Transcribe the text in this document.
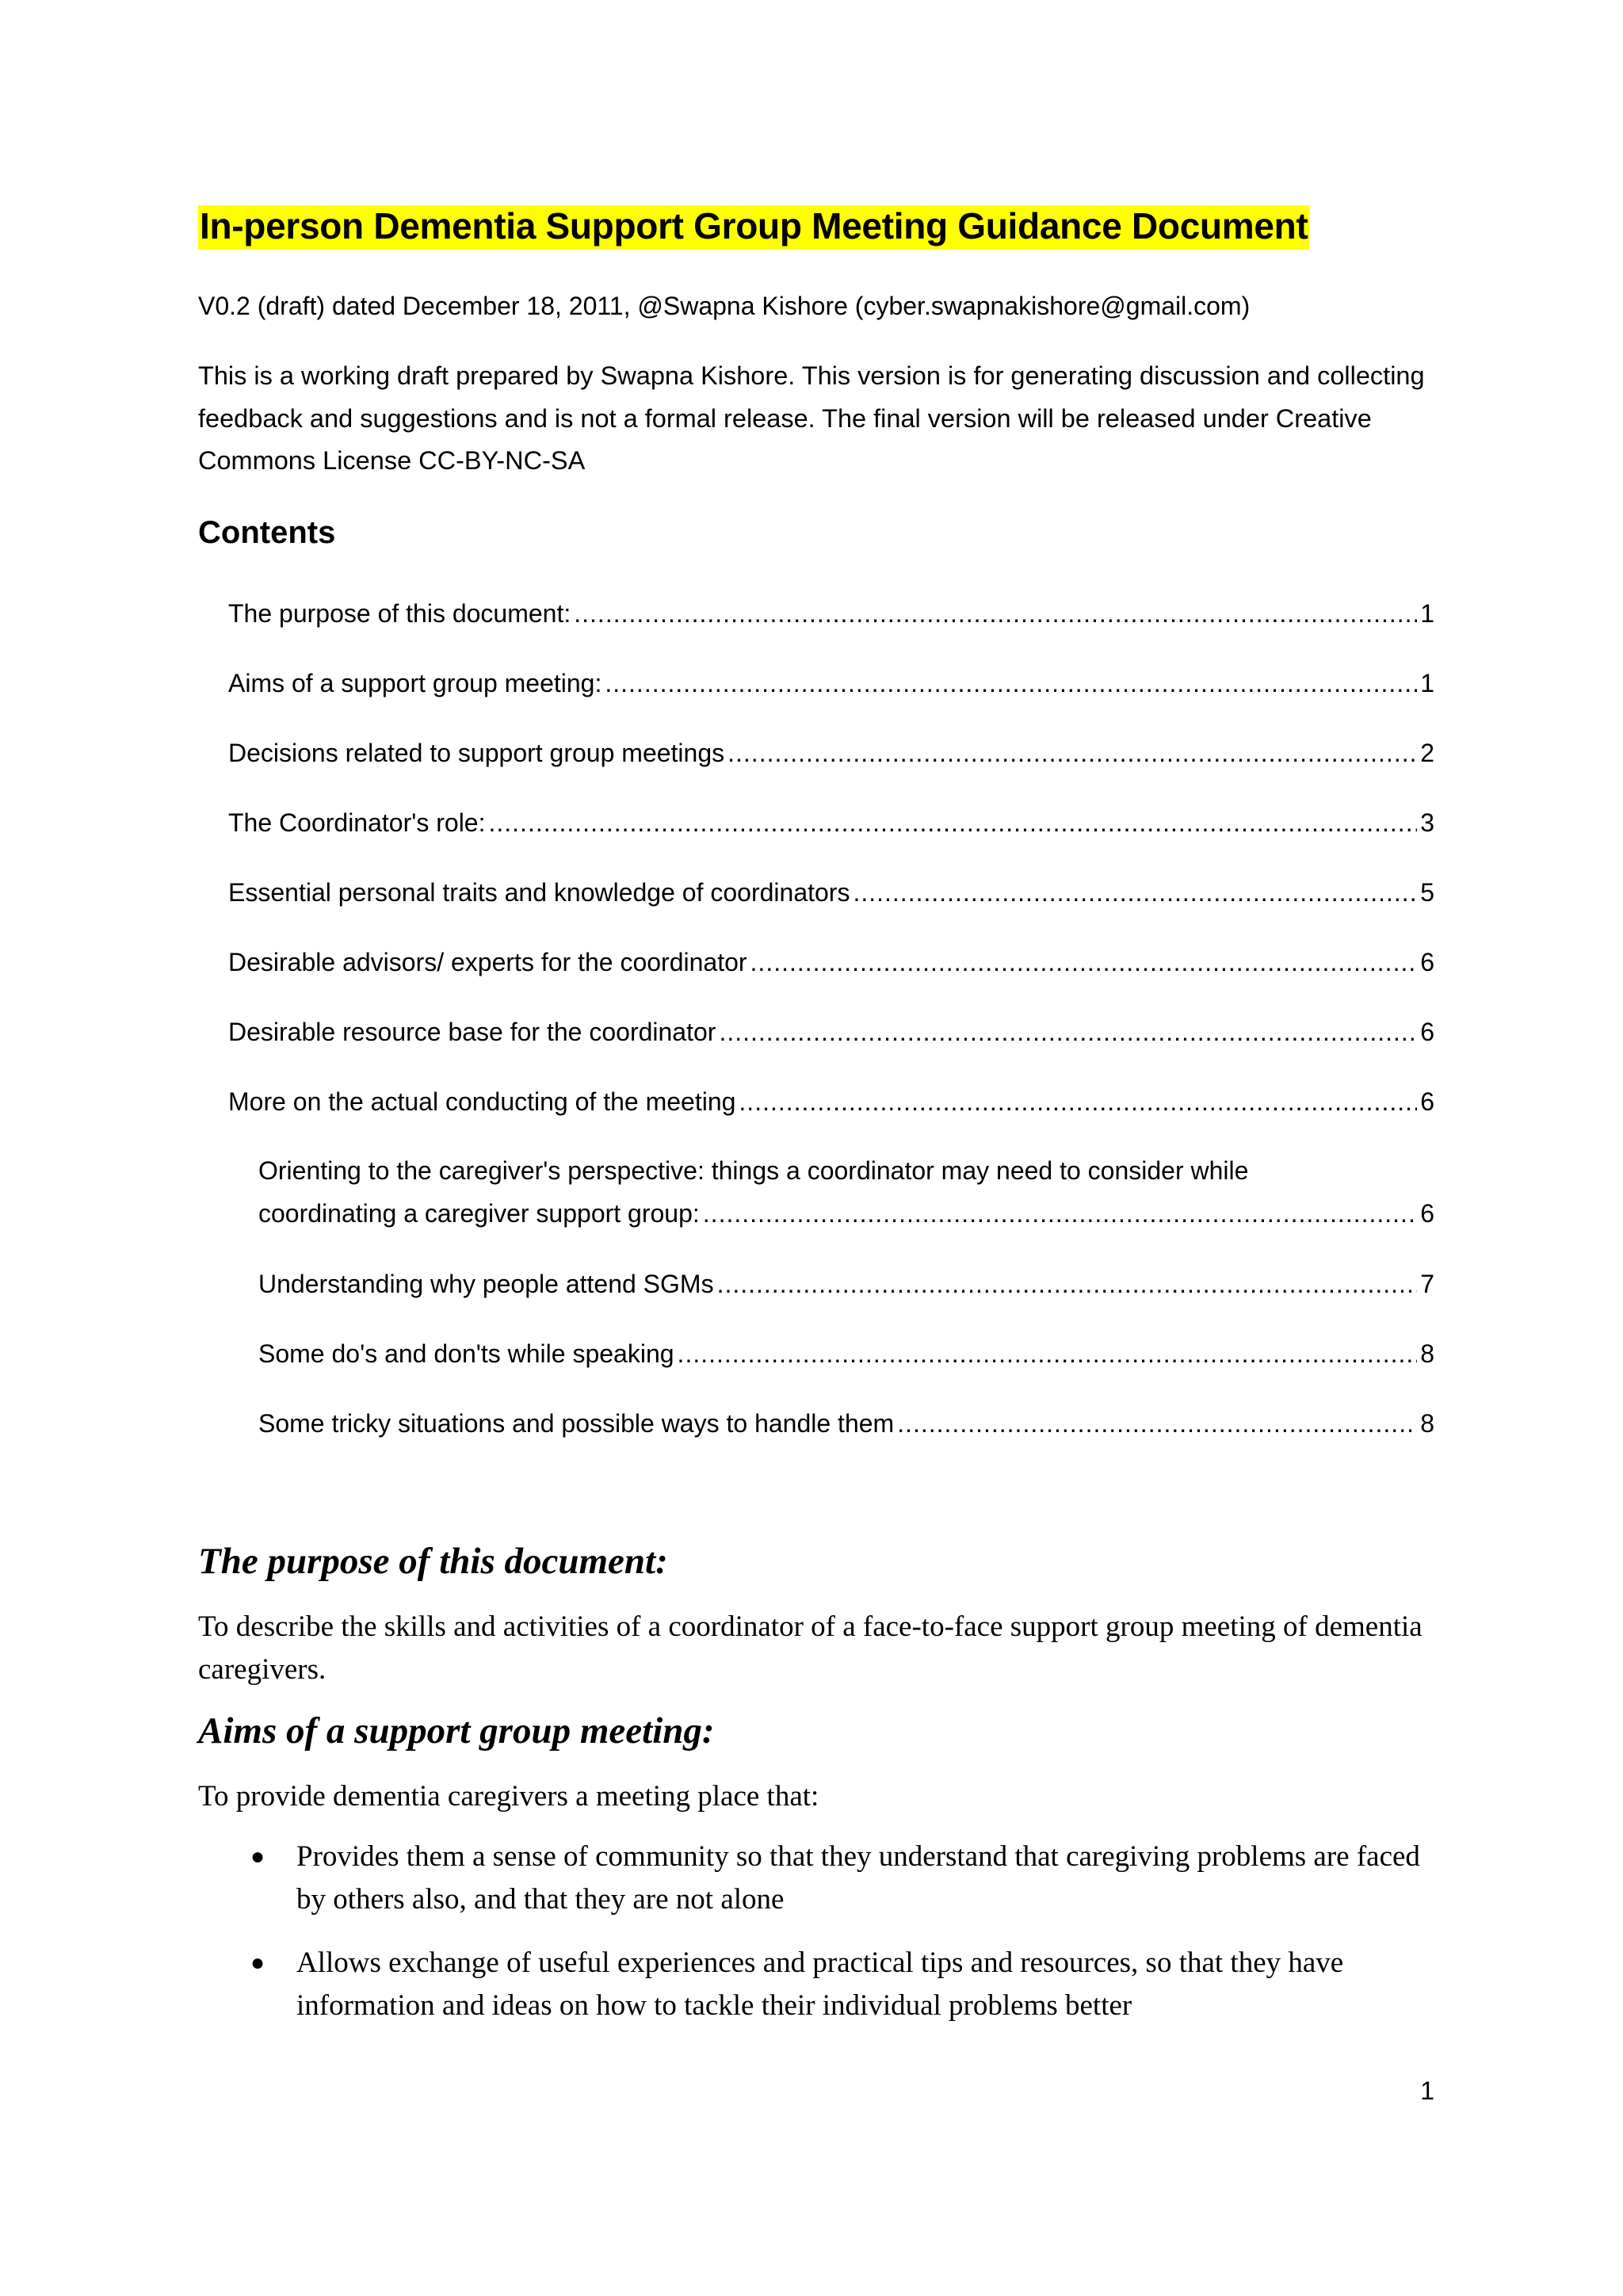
In-person Dementia Support Group Meeting Guidance Document

V0.2 (draft) dated December 18, 2011, @Swapna Kishore (cyber.swapnakishore@gmail.com)

This is a working draft prepared by Swapna Kishore. This version is for generating discussion and collecting feedback and suggestions and is not a formal release. The final version will be released under Creative Commons License CC-BY-NC-SA

Contents
The purpose of this document: .....	1
Aims of a support group meeting: .....	1
Decisions related to support group meetings .....	2
The Coordinator's role: .....	3
Essential personal traits and knowledge of coordinators .....	5
Desirable advisors/ experts for the coordinator .....	6
Desirable resource base for the coordinator .....	6
More on the actual conducting of the meeting .....	6
Orienting to the caregiver's perspective: things a coordinator may need to consider while
coordinating a caregiver support group: .....	6
Understanding why people attend SGMs .....	7
Some do's and don'ts while speaking .....	8
Some tricky situations and possible ways to handle them .....	8
The purpose of this document:

To describe the skills and activities of a coordinator of a face-to-face support group meeting of dementia caregivers.

Aims of a support group meeting:

To provide dementia caregivers a meeting place that:

● Provides them a sense of community so that they understand that caregiving problems are faced by others also, and that they are not alone
● Allows exchange of useful experiences and practical tips and resources, so that they have information and ideas on how to tackle their individual problems better
1
